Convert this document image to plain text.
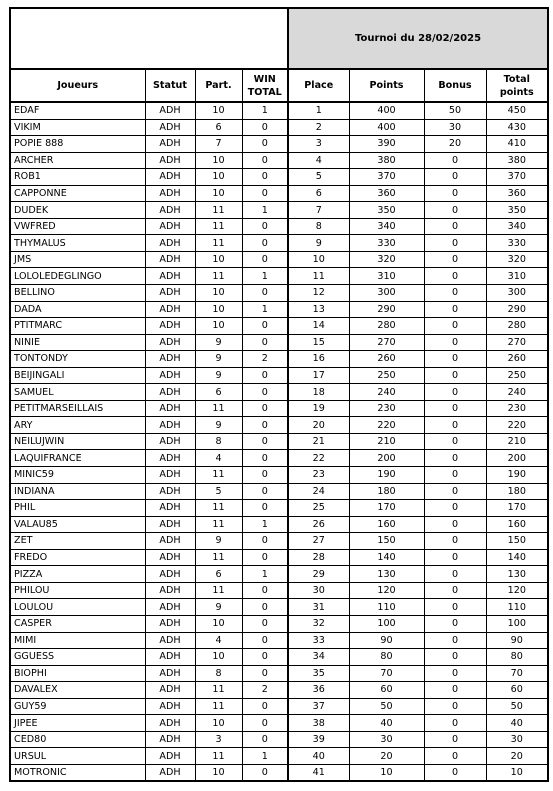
				Tournoi du 28/02/2025			
Joueurs	Statut	Part.	WIN TOTAL	Place	Points	Bonus	Total points
EDAF	ADH	10	1	1	400	50	450
VIKIM	ADH	6	0	2	400	30	430
POPIE 888	ADH	7	0	3	390	20	410
ARCHER	ADH	10	0	4	380	0	380
ROB1	ADH	10	0	5	370	0	370
CAPPONNE	ADH	10	0	6	360	0	360
DUDEK	ADH	11	1	7	350	0	350
VWFRED	ADH	11	0	8	340	0	340
THYMALUS	ADH	11	0	9	330	0	330
JMS	ADH	10	0	10	320	0	320
LOLOLEDEGLINGO	ADH	11	1	11	310	0	310
BELLINO	ADH	10	0	12	300	0	300
DADA	ADH	10	1	13	290	0	290
PTITMARC	ADH	10	0	14	280	0	280
NINIE	ADH	9	0	15	270	0	270
TONTONDY	ADH	9	2	16	260	0	260
BEIJINGALI	ADH	9	0	17	250	0	250
SAMUEL	ADH	6	0	18	240	0	240
PETITMARSEILLAIS	ADH	11	0	19	230	0	230
ARY	ADH	9	0	20	220	0	220
NEILUJWIN	ADH	8	0	21	210	0	210
LAQUIFRANCE	ADH	4	0	22	200	0	200
MINIC59	ADH	11	0	23	190	0	190
INDIANA	ADH	5	0	24	180	0	180
PHIL	ADH	11	0	25	170	0	170
VALAU85	ADH	11	1	26	160	0	160
ZET	ADH	9	0	27	150	0	150
FREDO	ADH	11	0	28	140	0	140
PIZZA	ADH	6	1	29	130	0	130
PHILOU	ADH	11	0	30	120	0	120
LOULOU	ADH	9	0	31	110	0	110
CASPER	ADH	10	0	32	100	0	100
MIMI	ADH	4	0	33	90	0	90
GGUESS	ADH	10	0	34	80	0	80
BIOPHI	ADH	8	0	35	70	0	70
DAVALEX	ADH	11	2	36	60	0	60
GUY59	ADH	11	0	37	50	0	50
JIPEE	ADH	10	0	38	40	0	40
CED80	ADH	3	0	39	30	0	30
URSUL	ADH	11	1	40	20	0	20
MOTRONIC	ADH	10	0	41	10	0	10
